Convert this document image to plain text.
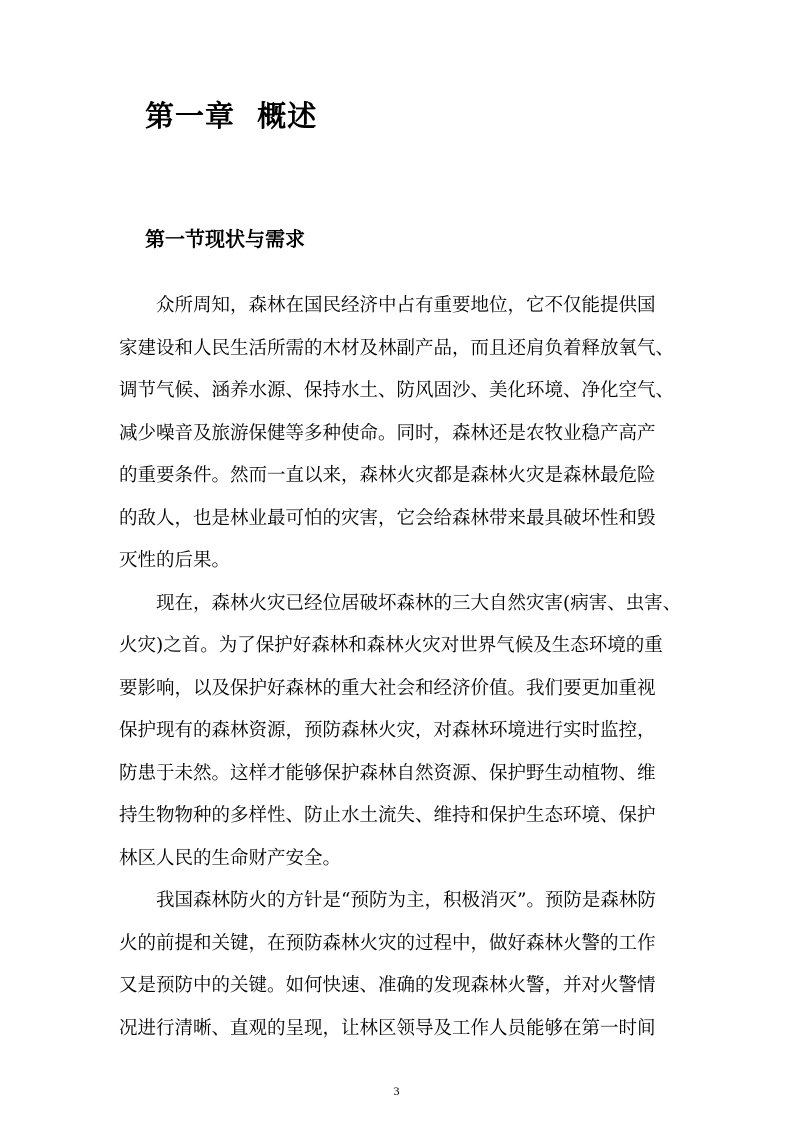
第一章  概述
第一节现状与需求

众所周知，森林在国民经济中占有重要地位，它不仅能提供国

家建设和人民生活所需的木材及林副产品，而且还肩负着释放氧气、

调节气候、涵养水源、保持水土、防风固沙、美化环境、净化空气、

减少噪音及旅游保健等多种使命。同时，森林还是农牧业稳产高产

的重要条件。然而一直以来，森林火灾都是森林火灾是森林最危险

的敌人，也是林业最可怕的灾害，它会给森林带来最具破坏性和毁

灭性的后果。

现在，森林火灾已经位居破坏森林的三大自然灾害(病害、虫害、

火灾)之首。为了保护好森林和森林火灾对世界气候及生态环境的重

要影响，以及保护好森林的重大社会和经济价值。我们要更加重视

保护现有的森林资源，预防森林火灾，对森林环境进行实时监控，

防患于未然。这样才能够保护森林自然资源、保护野生动植物、维

持生物物种的多样性、防止水土流失、维持和保护生态环境、保护

林区人民的生命财产安全。

我国森林防火的方针是“预防为主，积极消灭”。预防是森林防

火的前提和关键，在预防森林火灾的过程中，做好森林火警的工作

又是预防中的关键。如何快速、准确的发现森林火警，并对火警情

况进行清晰、直观的呈现，让林区领导及工作人员能够在第一时间

3
